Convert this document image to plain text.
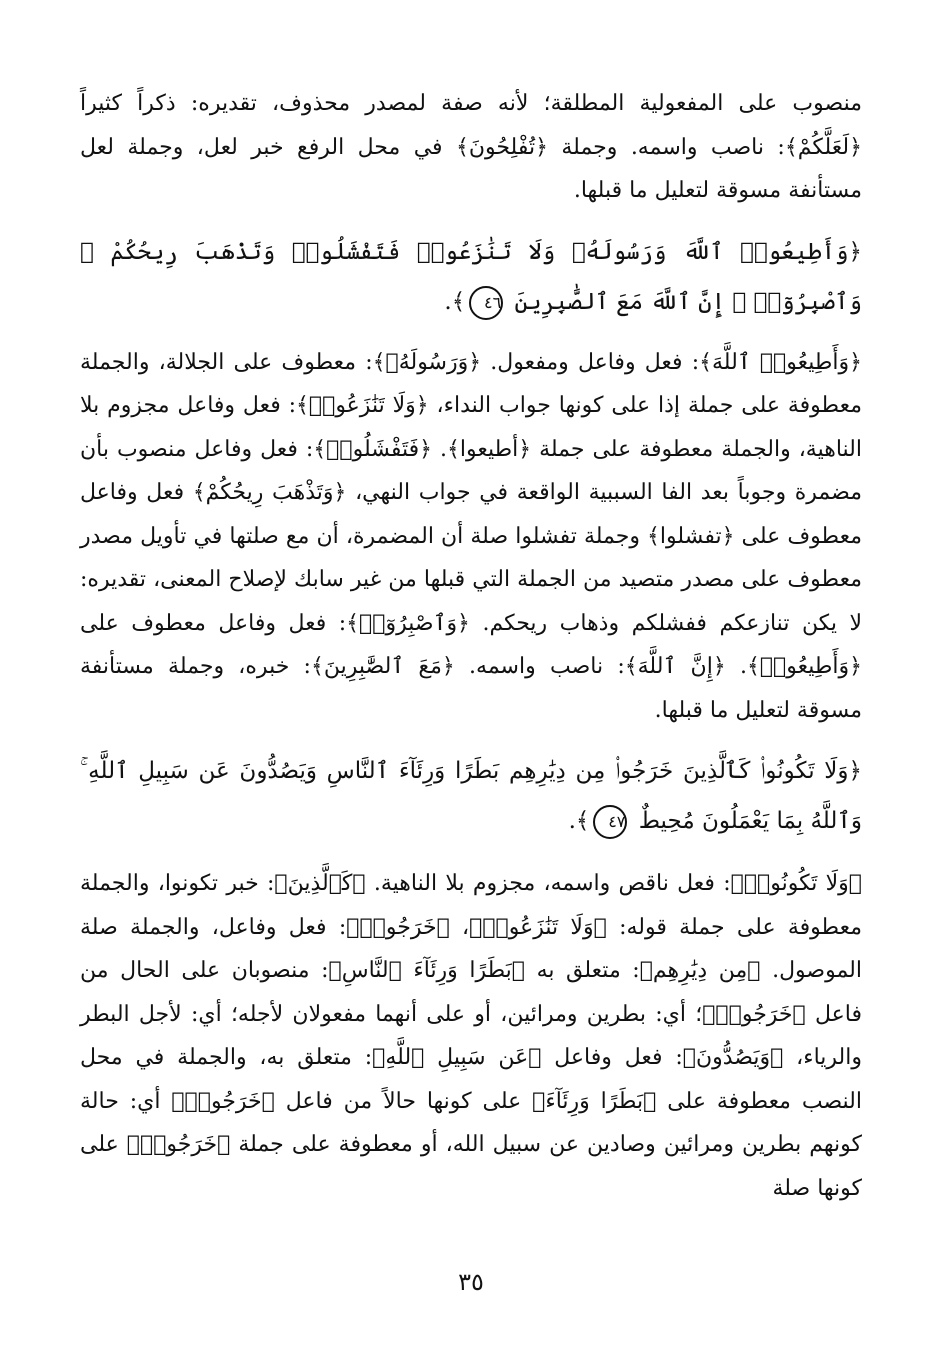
منصوب على المفعولية المطلقة؛ لأنه صفة لمصدر محذوف، تقديره: ذكراً كثيراً ﴿لَعَلَّكُمْ﴾: ناصب واسمه. وجملة ﴿تُفْلِحُونَ﴾ في محل الرفع خبر لعل، وجملة لعل مستأنفة مسوقة لتعليل ما قبلها.

﴿وَأَطِيعُوا۟ ٱللَّهَ وَرَسُولَهُۥ وَلَا تَنَٰزَعُوا۟ فَتَفْشَلُوا۟ وَتَذْهَبَ رِيحُكُمْ ۖ وَٱصْبِرُوٓا۟ ۚ إِنَّ ٱللَّهَ مَعَ ٱلصَّٰبِرِينَ ٤٦﴾.

﴿وَأَطِيعُوا۟ ٱللَّهَ﴾: فعل وفاعل ومفعول. ﴿وَرَسُولَهُۥ﴾: معطوف على الجلالة، والجملة معطوفة على جملة إذا على كونها جواب النداء، ﴿وَلَا تَنَٰزَعُوا۟﴾: فعل وفاعل مجزوم بلا الناهية، والجملة معطوفة على جملة ﴿أطيعوا﴾. ﴿فَتَفْشَلُوا۟﴾: فعل وفاعل منصوب بأن مضمرة وجوباً بعد الفا السببية الواقعة في جواب النهي، ﴿وَتَذْهَبَ رِيحُكُمْ﴾ فعل وفاعل معطوف على ﴿تفشلوا﴾ وجملة تفشلوا صلة أن المضمرة، أن مع صلتها في تأويل مصدر معطوف على مصدر متصيد من الجملة التي قبلها من غير سابك لإصلاح المعنى، تقديره: لا يكن تنازعكم ففشلكم وذهاب ريحكم. ﴿وَٱصْبِرُوٓا۟﴾: فعل وفاعل معطوف على ﴿وَأَطِيعُوا۟﴾. ﴿إِنَّ ٱللَّهَ﴾: ناصب واسمه. ﴿مَعَ ٱلصَّٰبِرِينَ﴾: خبره، وجملة مستأنفة مسوقة لتعليل ما قبلها.

﴿وَلَا تَكُونُوا۟ كَٱلَّذِينَ خَرَجُوا۟ مِن دِيَٰرِهِم بَطَرًا وَرِئَآءَ ٱلنَّاسِ وَيَصُدُّونَ عَن سَبِيلِ ٱللَّهِ ۚ وَٱللَّهُ بِمَا يَعْمَلُونَ مُحِيطٌ ٤٧﴾.

﴿وَلَا تَكُونُوا۟﴾: فعل ناقص واسمه، مجزوم بلا الناهية. ﴿كَٱلَّذِينَ﴾: خبر تكونوا، والجملة معطوفة على جملة قوله: ﴿وَلَا تَنَٰزَعُوا۟﴾، ﴿خَرَجُوا۟﴾: فعل وفاعل، والجملة صلة الموصول. ﴿مِن دِيَٰرِهِم﴾: متعلق به ﴿بَطَرًا وَرِئَآءَ ٱلنَّاسِ﴾: منصوبان على الحال من فاعل ﴿خَرَجُوا۟﴾؛ أي: بطرين ومرائين، أو على أنهما مفعولان لأجله؛ أي: لأجل البطر والرياء، ﴿وَيَصُدُّونَ﴾: فعل وفاعل ﴿عَن سَبِيلِ ٱللَّهِ﴾: متعلق به، والجملة في محل النصب معطوفة على ﴿بَطَرًا وَرِئَآءَ﴾ على كونها حالاً من فاعل ﴿خَرَجُوا۟﴾ أي: حالة كونهم بطرين ومرائين وصادين عن سبيل الله، أو معطوفة على جملة ﴿خَرَجُوا۟﴾ على كونها صلة

٣٥
